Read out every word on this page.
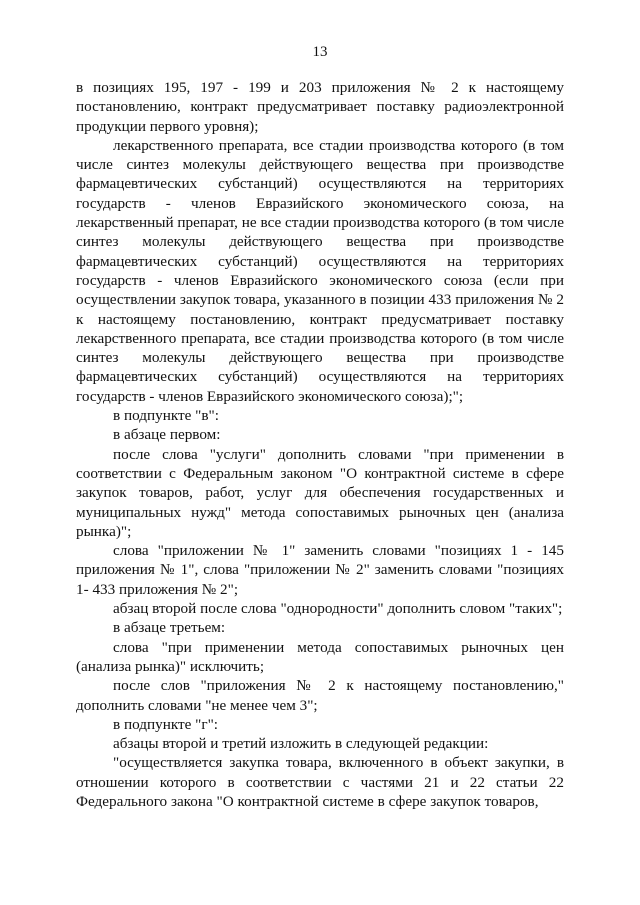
13

в позициях 195, 197 - 199 и 203 приложения № 2 к настоящему постановлению, контракт предусматривает поставку радиоэлектронной продукции первого уровня);

лекарственного препарата, все стадии производства которого (в том числе синтез молекулы действующего вещества при производстве фармацевтических субстанций) осуществляются на территориях государств - членов Евразийского экономического союза, на лекарственный препарат, не все стадии производства которого (в том числе синтез молекулы действующего вещества при производстве фармацевтических субстанций) осуществляются на территориях государств - членов Евразийского экономического союза (если при осуществлении закупок товара, указанного в позиции 433 приложения № 2 к настоящему постановлению, контракт предусматривает поставку лекарственного препарата, все стадии производства которого (в том числе синтез молекулы действующего вещества при производстве фармацевтических субстанций) осуществляются на территориях государств - членов Евразийского экономического союза);";

в подпункте "в":

в абзаце первом:

после слова "услуги" дополнить словами "при применении в соответствии с Федеральным законом "О контрактной системе в сфере закупок товаров, работ, услуг для обеспечения государственных и муниципальных нужд" метода сопоставимых рыночных цен (анализа рынка)";

слова "приложении № 1" заменить словами "позициях 1 - 145 приложения № 1", слова "приложении № 2" заменить словами "позициях 1- 433 приложения № 2";

абзац второй после слова "однородности" дополнить словом "таких";

в абзаце третьем:

слова "при применении метода сопоставимых рыночных цен (анализа рынка)" исключить;

после слов "приложения № 2 к настоящему постановлению," дополнить словами "не менее чем 3";

в подпункте "г":

абзацы второй и третий изложить в следующей редакции:

"осуществляется закупка товара, включенного в объект закупки, в отношении которого в соответствии с частями 21 и 22 статьи 22 Федерального закона "О контрактной системе в сфере закупок товаров,
